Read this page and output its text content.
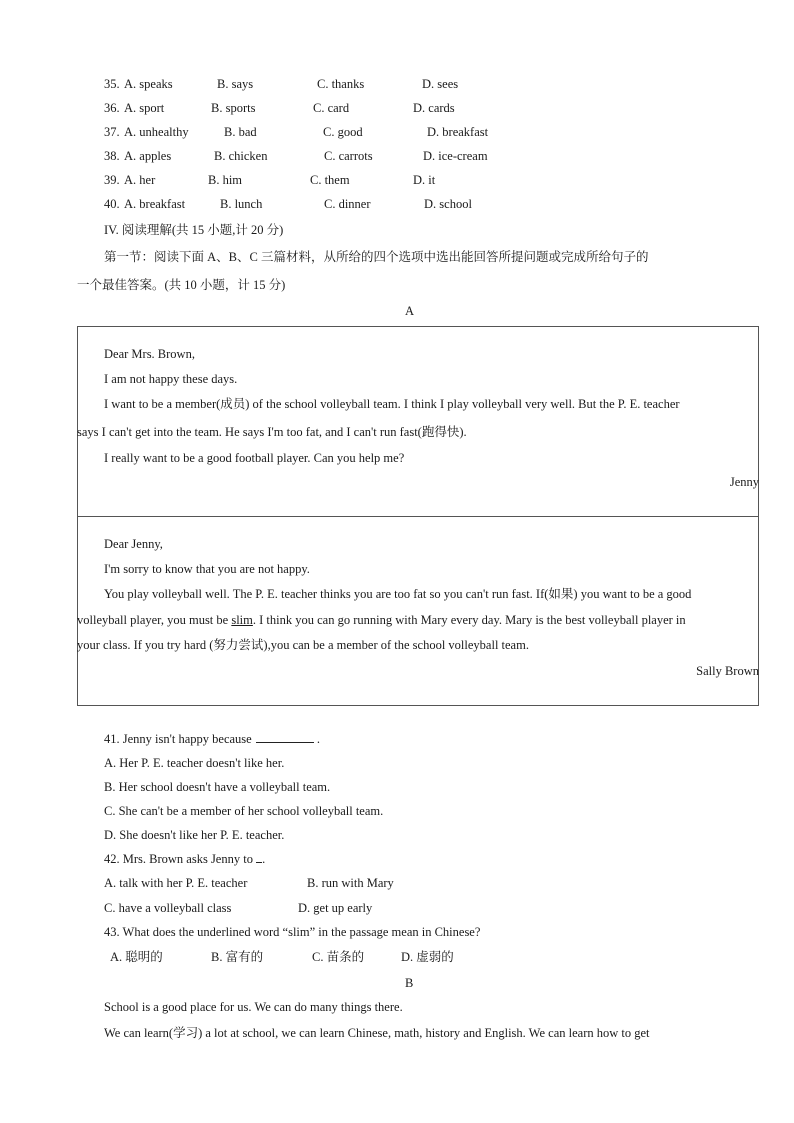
35. A. speaks	B. says	C. thanks	D. sees
36. A. sport	B. sports	C. card	D. cards
37. A. unhealthy	B. bad	C. good	D. breakfast
38. A. apples	B. chicken	C. carrots	D. ice-cream
39. A. her	B. him	C. them	D. it
40. A. breakfast	B. lunch	C. dinner	D. school
IV. 阅读理解(共 15 小题,计 20 分)
第一节：阅读下面 A、B、C 三篇材料，从所给的四个选项中选出能回答所提问题或完成所给句子的
一个最佳答案。(共 10 小题，计 15 分)
A
Dear Mrs. Brown,
I am not happy these days.
I want to be a member(成员) of the school volleyball team. I think I play volleyball very well. But the P. E. teacher
says I can't get into the team. He says I'm too fat, and I can't run fast(跑得快).
I really want to be a good football player. Can you help me?
Jenny
Dear Jenny,
I'm sorry to know that you are not happy.
You play volleyball well. The P. E. teacher thinks you are too fat so you can't run fast. If(如果) you want to be a good
volleyball player, you must be slim. I think you can go running with Mary every day. Mary is the best volleyball player in
your class. If you try hard (努力尝试),you can be a member of the school volleyball team.
Sally Brown
41. Jenny isn't happy because	.
A. Her P. E. teacher doesn't like her.
B. Her school doesn't have a volleyball team.
C. She can't be a member of her school volleyball team.
D. She doesn't like her P. E. teacher.
42. Mrs. Brown asks Jenny to .
A. talk with her P. E. teacher	B. run with Mary
C. have a volleyball class	D. get up early
43. What does the underlined word “slim” in the passage mean in Chinese?
A. 聪明的	B. 富有的	C. 苗条的	D. 虚弱的
B
School is a good place for us. We can do many things there.
We can learn(学习) a lot at school, we can learn Chinese, math, history and English. We can learn how to get
